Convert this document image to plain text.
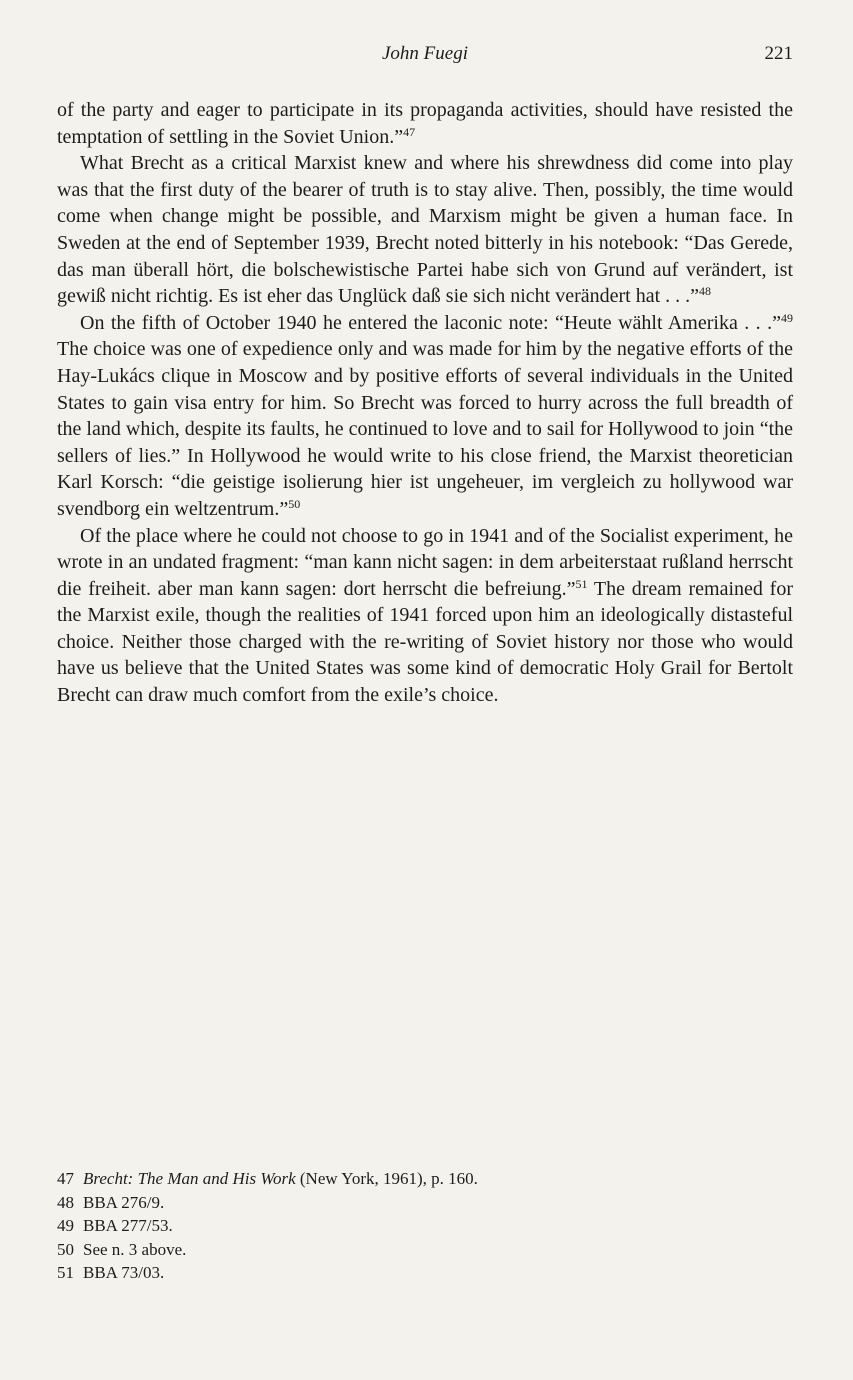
John Fuegi	221

of the party and eager to participate in its propaganda activities, should have resisted the temptation of settling in the Soviet Union.”$^{47}$

What Brecht as a critical Marxist knew and where his shrewdness did come into play was that the first duty of the bearer of truth is to stay alive. Then, possibly, the time would come when change might be possible, and Marxism might be given a human face. In Sweden at the end of September 1939, Brecht noted bitterly in his notebook: “Das Gerede, das man überall hört, die bolschewistische Partei habe sich von Grund auf verändert, ist gewiß nicht richtig. Es ist eher das Unglück daß sie sich nicht verändert hat . . .”$^{48}$

On the fifth of October 1940 he entered the laconic note: “Heute wählt Amerika . . .”$^{49}$ The choice was one of expedience only and was made for him by the negative efforts of the Hay-Lukács clique in Moscow and by positive efforts of several individuals in the United States to gain visa entry for him. So Brecht was forced to hurry across the full breadth of the land which, despite its faults, he continued to love and to sail for Hollywood to join “the sellers of lies.” In Hollywood he would write to his close friend, the Marxist theoretician Karl Korsch: “die geistige isolierung hier ist ungeheuer, im vergleich zu hollywood war svendborg ein weltzentrum.”$^{50}$

Of the place where he could not choose to go in 1941 and of the Socialist experiment, he wrote in an undated fragment: “man kann nicht sagen: in dem arbeiterstaat rußland herrscht die freiheit. aber man kann sagen: dort herrscht die befreiung.”$^{51}$ The dream remained for the Marxist exile, though the realities of 1941 forced upon him an ideologically distasteful choice. Neither those charged with the re-writing of Soviet history nor those who would have us believe that the United States was some kind of democratic Holy Grail for Bertolt Brecht can draw much comfort from the exile’s choice.

47 Brecht: The Man and His Work (New York, 1961), p. 160.
48 BBA 276/9.
49 BBA 277/53.
50 See n. 3 above.
51 BBA 73/03.
